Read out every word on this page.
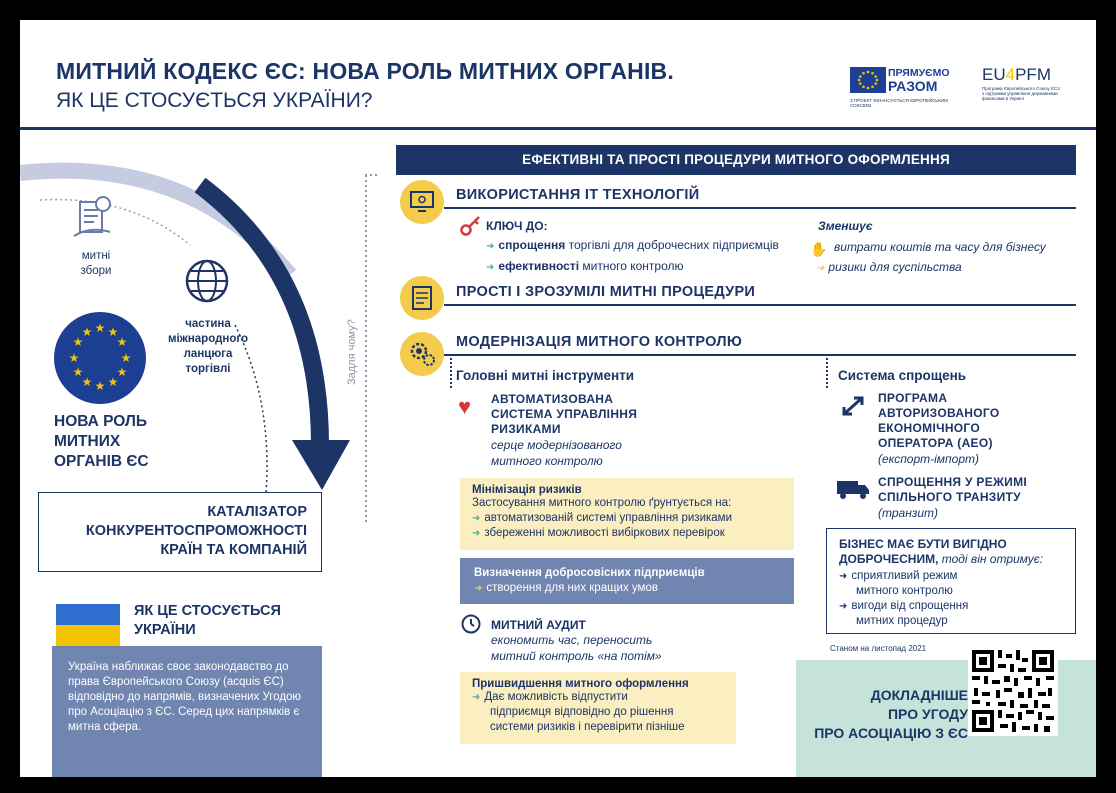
МИТНИЙ КОДЕКС ЄС: НОВА РОЛЬ МИТНИХ ОРГАНІВ.
ЯК ЦЕ СТОСУЄТЬСЯ УКРАЇНИ?
ПРЯМУЄМО
РАЗОМ
З ПРОЕКТ ФІНАНСУЄТЬСЯ ЄВРОПЕЙСЬКИМ СОЮЗОМ
EU4PFM
Програма Європейського Союзу ЄС4 з підтримки управління державними фінансами в Україні
митні
збори
частина
міжнародного
ланцюга
торгівлі
★ ★
★
★
★
★
★
★
★
★
★
★
НОВА РОЛЬ
МИТНИХ
ОРГАНІВ ЄС
Задля чому?
КАТАЛІЗАТОР
КОНКУРЕНТОСПРОМОЖНОСТІ
КРАЇН ТА КОМПАНІЙ
ЯК ЦЕ СТОСУЄТЬСЯ
УКРАЇНИ
Україна наближає своє законодавство до права Європейського Союзу (acquis ЄС) відповідно до напрямів, визначених Угодою про Асоціацію з ЄС. Серед цих напрямків є митна сфера.
ЕФЕКТИВНІ ТА ПРОСТІ ПРОЦЕДУРИ МИТНОГО ОФОРМЛЕННЯ
ВИКОРИСТАННЯ ІТ ТЕХНОЛОГІЙ
КЛЮЧ ДО:
➜ спрощення торгівлі для доброчесних підприємців
➜ ефективності митного контролю
Зменшує
✋ витрати коштів та часу для бізнесу
➜ ризики для суспільства
ПРОСТІ І ЗРОЗУМІЛІ МИТНІ ПРОЦЕДУРИ
МОДЕРНІЗАЦІЯ МИТНОГО КОНТРОЛЮ
Головні митні інструменти
♥ АВТОМАТИЗОВАНА
СИСТЕМА УПРАВЛІННЯ
РИЗИКАМИ
серце модернізованого
митного контролю
Мінімізація ризиків
Застосування митного контролю ґрунтується на:
➜ автоматизованій системі управління ризиками
➜ збереженні можливості вибіркових перевірок
Визначення добросовісних підприємців
➜ створення для них кращих умов
МИТНИЙ АУДИТ
економить час, переносить
митний контроль «на потім»
Пришвидшення митного оформлення
➜ Дає можливість відпустити
підприємця відповідно до рішення
системи ризиків і перевірити пізніше
Система спрощень
ПРОГРАМА
АВТОРИЗОВАНОГО
ЕКОНОМІЧНОГО
ОПЕРАТОРА (АЕО)
(експорт-імпорт)
СПРОЩЕННЯ У РЕЖИМІ
СПІЛЬНОГО ТРАНЗИТУ
(транзит)
БІЗНЕС МАЄ БУТИ ВИГІДНО
ДОБРОЧЕСНИМ, тоді він отримує:
➜ сприятливий режим
митного контролю
➜ вигоди від спрощення
митних процедур
Станом на листопад 2021
ДОКЛАДНІШЕ
ПРО УГОДУ
ПРО АСОЦІАЦІЮ З ЄС
